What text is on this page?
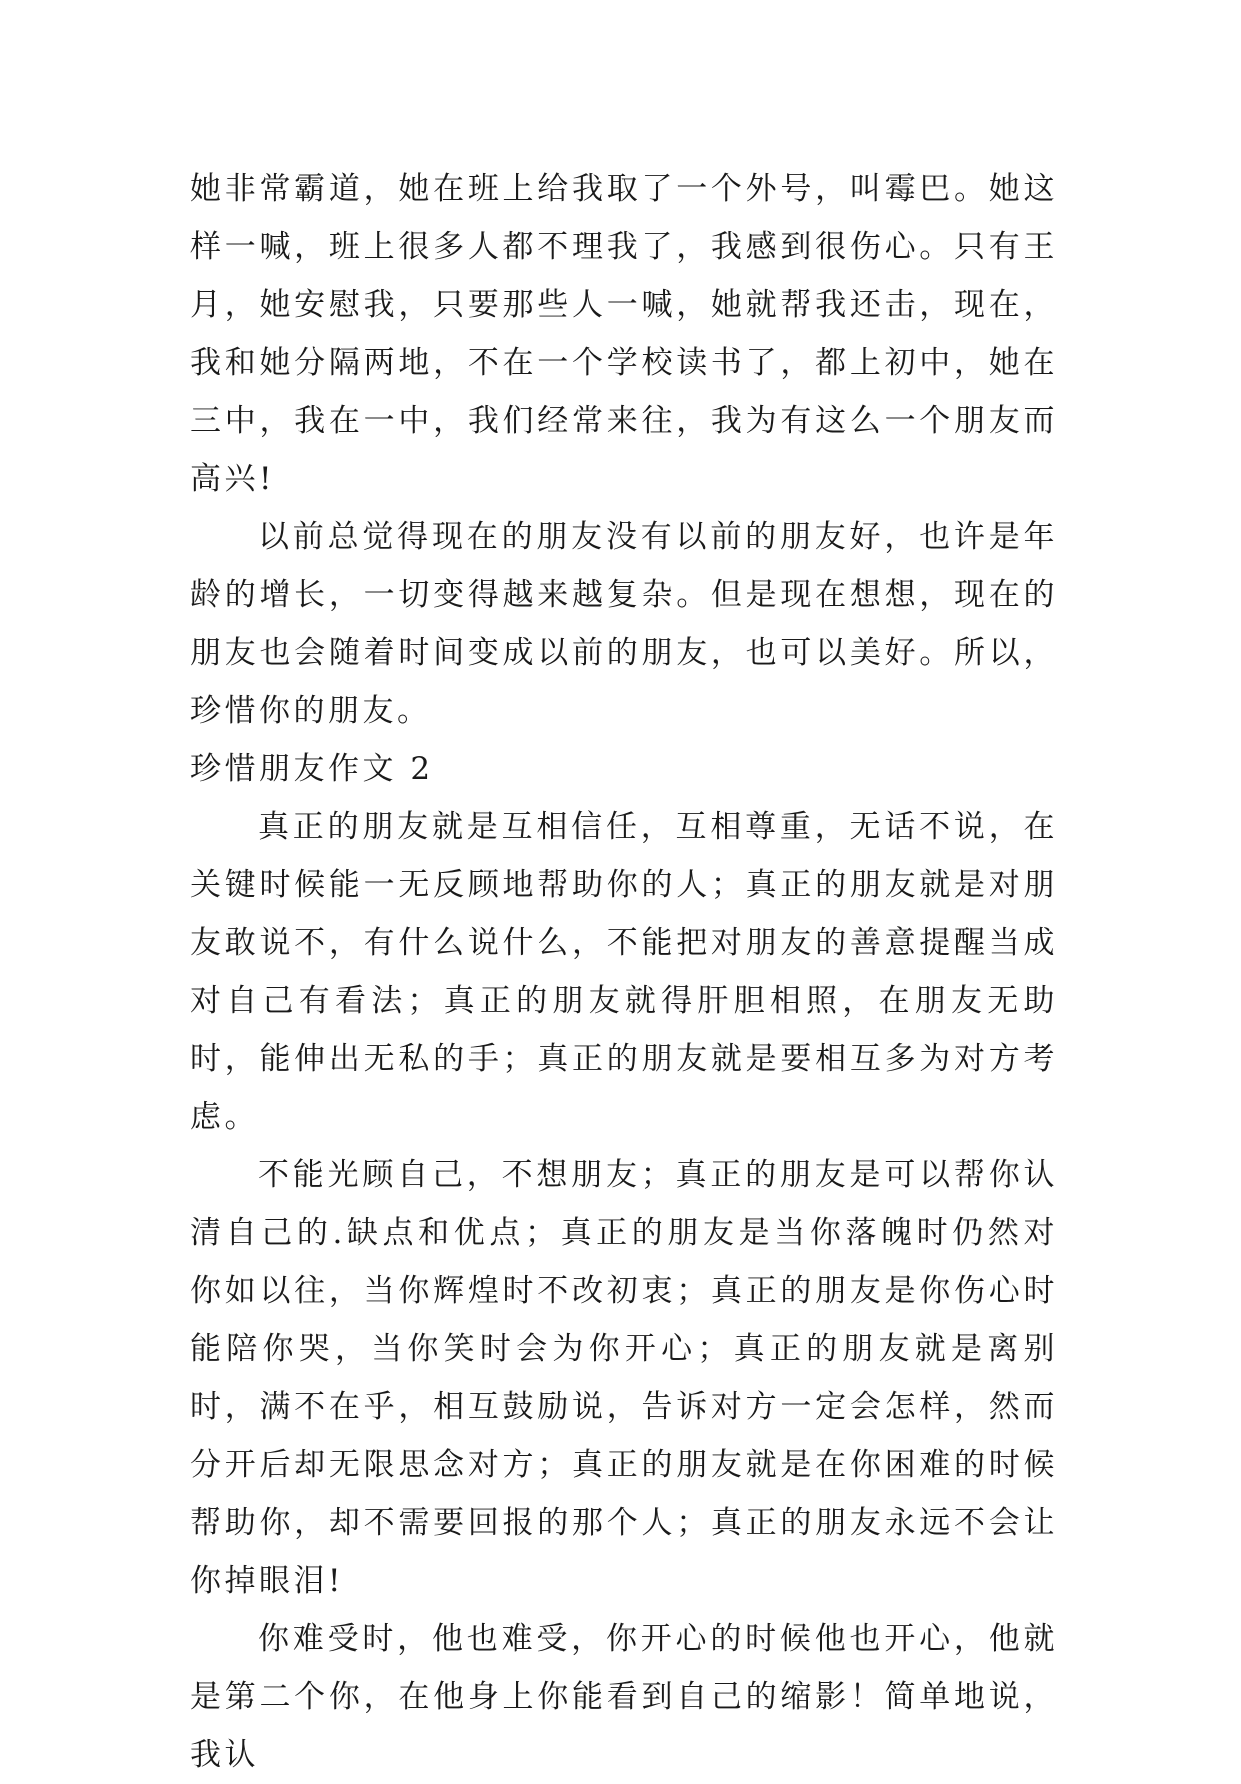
她非常霸道，她在班上给我取了一个外号，叫霉巴。她这样一喊，班上很多人都不理我了，我感到很伤心。只有王月，她安慰我，只要那些人一喊，她就帮我还击，现在，我和她分隔两地，不在一个学校读书了，都上初中，她在三中，我在一中，我们经常来往，我为有这么一个朋友而高兴!

以前总觉得现在的朋友没有以前的朋友好，也许是年龄的增长，一切变得越来越复杂。但是现在想想，现在的朋友也会随着时间变成以前的朋友，也可以美好。所以，珍惜你的朋友。

珍惜朋友作文 2

真正的朋友就是互相信任，互相尊重，无话不说，在关键时候能一无反顾地帮助你的人；真正的朋友就是对朋友敢说不，有什么说什么，不能把对朋友的善意提醒当成对自己有看法；真正的朋友就得肝胆相照，在朋友无助时，能伸出无私的手；真正的朋友就是要相互多为对方考虑。

不能光顾自己，不想朋友；真正的朋友是可以帮你认清自己的.缺点和优点；真正的朋友是当你落魄时仍然对你如以往，当你辉煌时不改初衷；真正的朋友是你伤心时能陪你哭，当你笑时会为你开心；真正的朋友就是离别时，满不在乎，相互鼓励说，告诉对方一定会怎样，然而分开后却无限思念对方；真正的朋友就是在你困难的时候帮助你，却不需要回报的那个人；真正的朋友永远不会让你掉眼泪!

你难受时，他也难受，你开心的时候他也开心，他就是第二个你，在他身上你能看到自己的缩影！简单地说，我认
